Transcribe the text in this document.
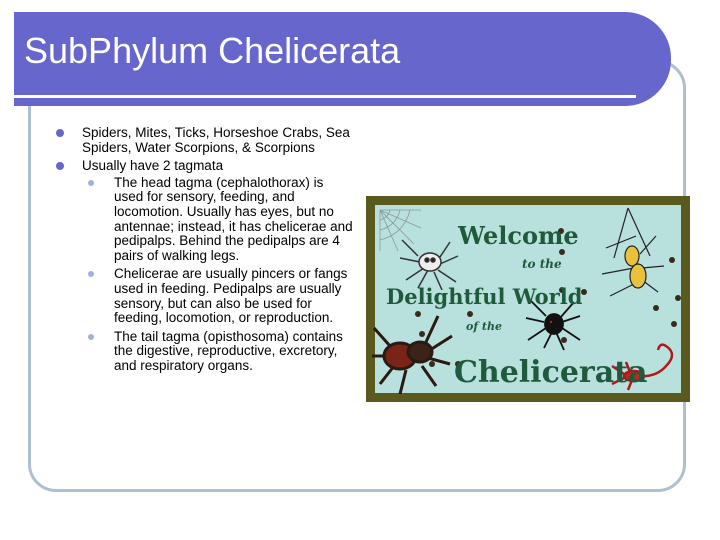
SubPhylum Chelicerata
Spiders, Mites, Ticks, Horseshoe Crabs, Sea Spiders, Water Scorpions, & Scorpions
Usually have 2 tagmata
The head tagma (cephalothorax) is used for sensory, feeding, and locomotion. Usually has eyes, but no antennae; instead, it has chelicerae and pedipalps. Behind the pedipalps are 4 pairs of walking legs.
Chelicerae are usually pincers or fangs used in feeding. Pedipalps are usually sensory, but can also be used for feeding, locomotion, or reproduction.
The tail tagma (opisthosoma) contains the digestive, reproductive, excretory, and respiratory organs.
Welcome
to the
Delightful World
of the
Chelicerata
